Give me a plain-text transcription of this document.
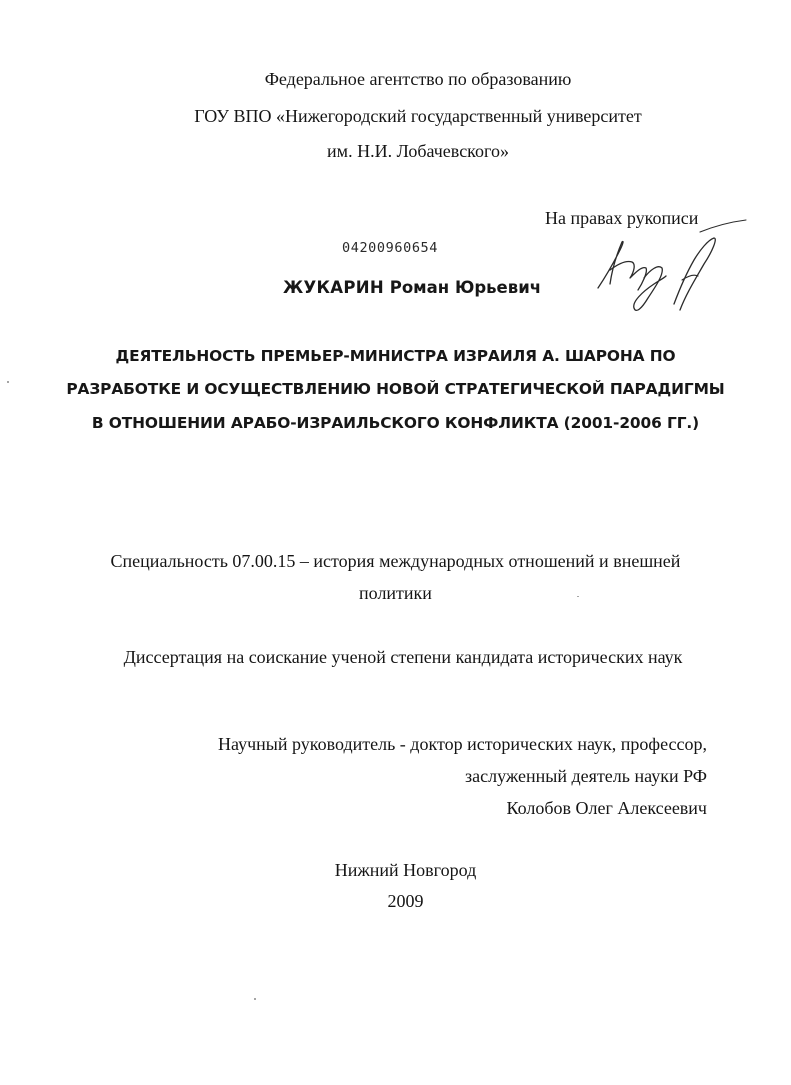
Федеральное агентство по образованию
ГОУ ВПО «Нижегородский государственный университет
им. Н.И. Лобачевского»
На правах рукописи
04200960654
ЖУКАРИН Роман Юрьевич
ДЕЯТЕЛЬНОСТЬ ПРЕМЬЕР-МИНИСТРА ИЗРАИЛЯ А. ШАРОНА ПО
РАЗРАБОТКЕ И ОСУЩЕСТВЛЕНИЮ НОВОЙ СТРАТЕГИЧЕСКОЙ ПАРАДИГМЫ
В ОТНОШЕНИИ АРАБО-ИЗРАИЛЬСКОГО КОНФЛИКТА (2001-2006 ГГ.)
Специальность 07.00.15 – история международных отношений и внешней
политики
Диссертация на соискание ученой степени кандидата исторических наук
Научный руководитель - доктор исторических наук, профессор,
заслуженный деятель науки РФ
Колобов Олег Алексеевич
Нижний Новгород
2009
